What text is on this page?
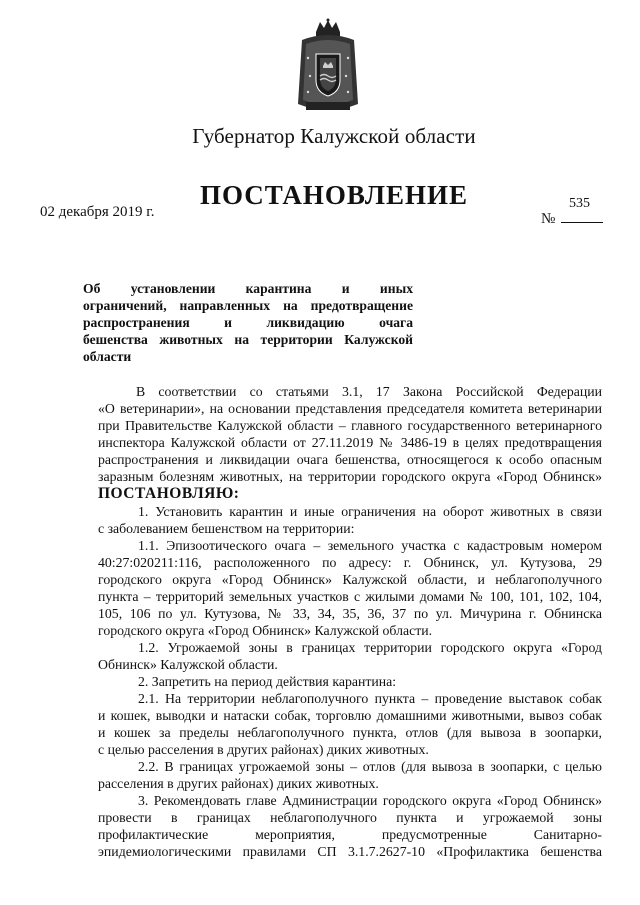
Губернатор Калужской области
ПОСТАНОВЛЕНИЕ
02 декабря 2019 г.	№
535
Об установлении карантина и иных
ограничений, направленных на предотвращение
распространения и ликвидацию очага
бешенства животных на территории Калужской
области
В соответствии со статьями 3.1, 17 Закона Российской Федерации
«О ветеринарии», на основании представления председателя комитета ветеринарии
при Правительстве Калужской области – главного государственного ветеринарного
инспектора Калужской области от 27.11.2019 № 3486-19 в целях предотвращения
распространения и ликвидации очага бешенства, относящегося к особо опасным
заразным болезням животных, на территории городского округа «Город Обнинск»
ПОСТАНОВЛЯЮ:
1. Установить карантин и иные ограничения на оборот животных в связи
с заболеванием бешенством на территории:
1.1. Эпизоотического очага – земельного участка с кадастровым номером
40:27:020211:116, расположенного по адресу: г. Обнинск, ул. Кутузова, 29
городского округа «Город Обнинск» Калужской области, и неблагополучного
пункта – территорий земельных участков с жилыми домами № 100, 101, 102, 104,
105, 106 по ул. Кутузова, № 33, 34, 35, 36, 37 по ул. Мичурина г. Обнинска
городского округа «Город Обнинск» Калужской области.
1.2. Угрожаемой зоны в границах территории городского округа «Город
Обнинск» Калужской области.
2. Запретить на период действия карантина:
2.1. На территории неблагополучного пункта – проведение выставок собак
и кошек, выводки и натаски собак, торговлю домашними животными, вывоз собак
и кошек за пределы неблагополучного пункта, отлов (для вывоза в зоопарки,
с целью расселения в других районах) диких животных.
2.2. В границах угрожаемой зоны – отлов (для вывоза в зоопарки, с целью
расселения в других районах) диких животных.
3. Рекомендовать главе Администрации городского округа «Город Обнинск»
провести в границах неблагополучного пункта и угрожаемой зоны
профилактические мероприятия, предусмотренные Санитарно-
эпидемиологическими правилами СП 3.1.7.2627-10 «Профилактика бешенства
